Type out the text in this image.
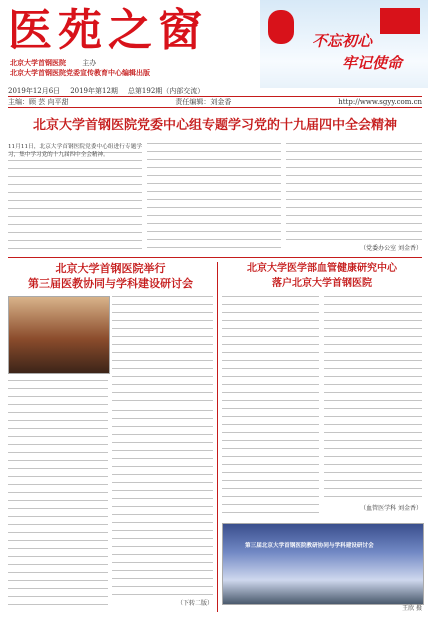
医苑之窗
北京大学首钢医院 主办
北京大学首钢医院党委宣传教育中心编辑出版
不忘初心
牢记使命
2019年12月6日 2019年第12期 总第192期（内部交流）
主编：顾 芸 向平甜	责任编辑：刘金香	http://www.sgyy.com.cn
北京大学首钢医院党委中心组专题学习党的十九届四中全会精神
11月11日，北京大学首钢医院党委中心组进行专题学习，集中学习党的十九届四中全会精神。
（党委办公室 刘金香）
北京大学首钢医院举行
第三届医教协同与学科建设研讨会
（下转二版）
北京大学医学部血管健康研究中心
落户北京大学首钢医院
（血管医学科 刘金香）
第三届北京大学首钢医院教研协同与学科建设研讨会
王欣 摄
